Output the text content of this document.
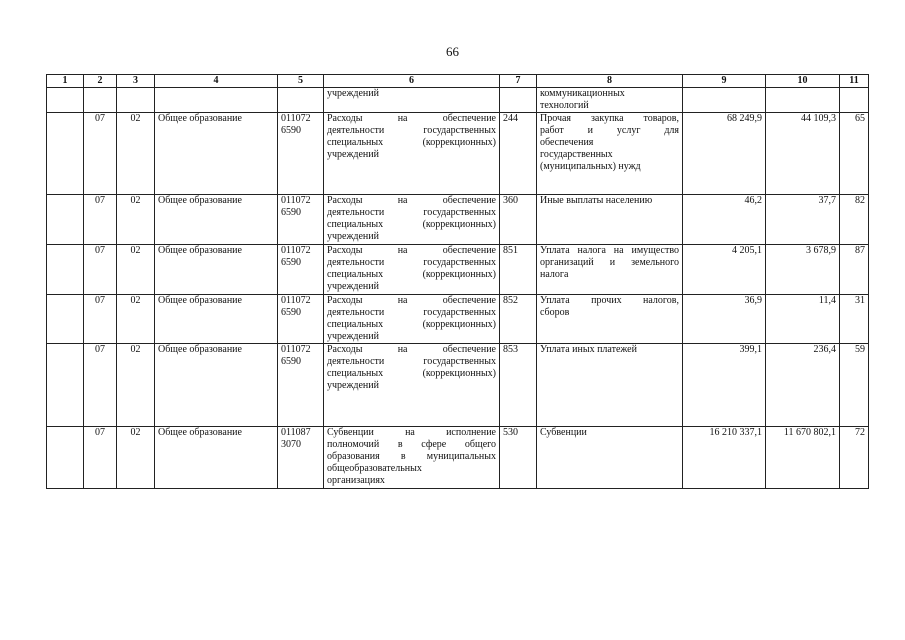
66
1	2	3	4	5	6	7	8	9	10	11
					учреждений		коммуникационных технологий			
	07	02	Общее образование	011072
6590	Расходы на обеспечение
деятельности государственных
специальных (коррекционных)
учреждений	244	Прочая закупка товаров,
работ и услуг для
обеспечения
государственных
(муниципальных) нужд	68 249,9	44 109,3	65
	07	02	Общее образование	011072
6590	Расходы на обеспечение
деятельности государственных
специальных (коррекционных)
учреждений	360	Иные выплаты населению	46,2	37,7	82
	07	02	Общее образование	011072
6590	Расходы на обеспечение
деятельности государственных
специальных (коррекционных)
учреждений	851	Уплата налога на имущество
организаций и земельного
налога	4 205,1	3 678,9	87
	07	02	Общее образование	011072
6590	Расходы на обеспечение
деятельности государственных
специальных (коррекционных)
учреждений	852	Уплата прочих налогов,
сборов	36,9	11,4	31
	07	02	Общее образование	011072
6590	Расходы на обеспечение
деятельности государственных
специальных (коррекционных)
учреждений	853	Уплата иных платежей	399,1	236,4	59
	07	02	Общее образование	011087
3070	Субвенции на исполнение
полномочий в сфере общего
образования в муниципальных
общеобразовательных
организациях	530	Субвенции	16 210 337,1	11 670 802,1	72
